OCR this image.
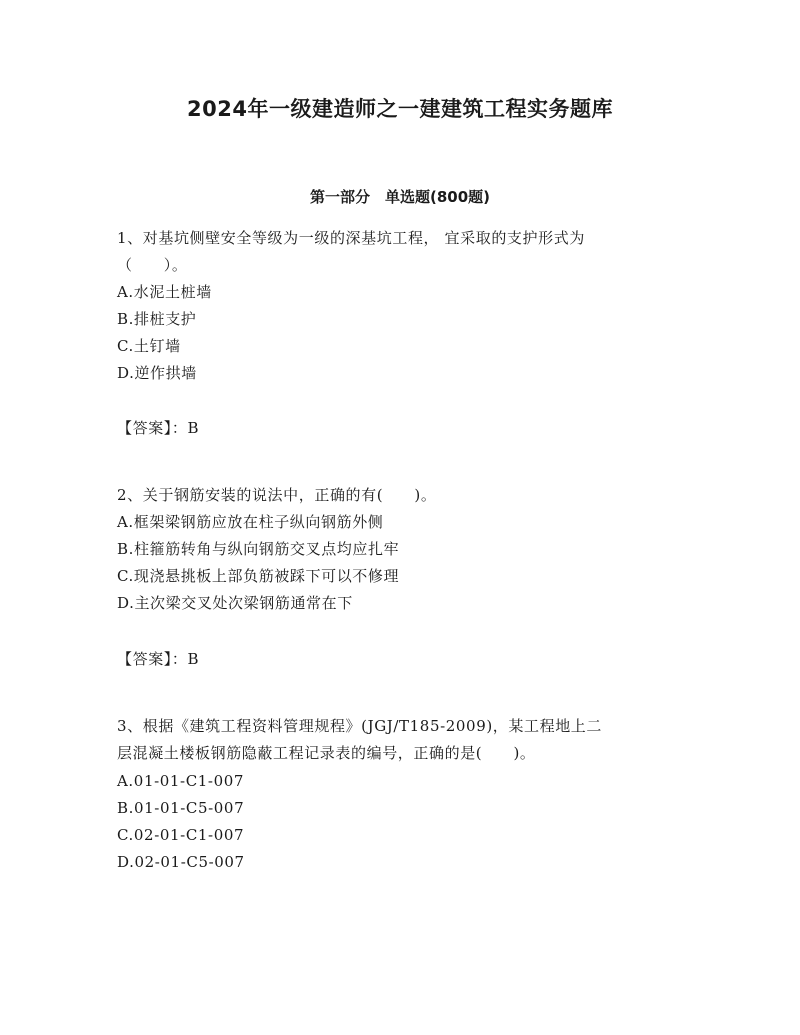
2024年一级建造师之一建建筑工程实务题库
第一部分　单选题(800题)
1、对基坑侧壁安全等级为一级的深基坑工程， 宜采取的支护形式为
（　　）。
A.水泥土桩墙
B.排桩支护
C.土钉墙
D.逆作拱墙
【答案】：B
2、关于钢筋安装的说法中，正确的有(　　)。
A.框架梁钢筋应放在柱子纵向钢筋外侧
B.柱箍筋转角与纵向钢筋交叉点均应扎牢
C.现浇悬挑板上部负筋被踩下可以不修理
D.主次梁交叉处次梁钢筋通常在下
【答案】：B
3、根据《建筑工程资料管理规程》(JGJ/T185-2009)，某工程地上二
层混凝土楼板钢筋隐蔽工程记录表的编号，正确的是(　　)。
A.01-01-C1-007
B.01-01-C5-007
C.02-01-C1-007
D.02-01-C5-007
